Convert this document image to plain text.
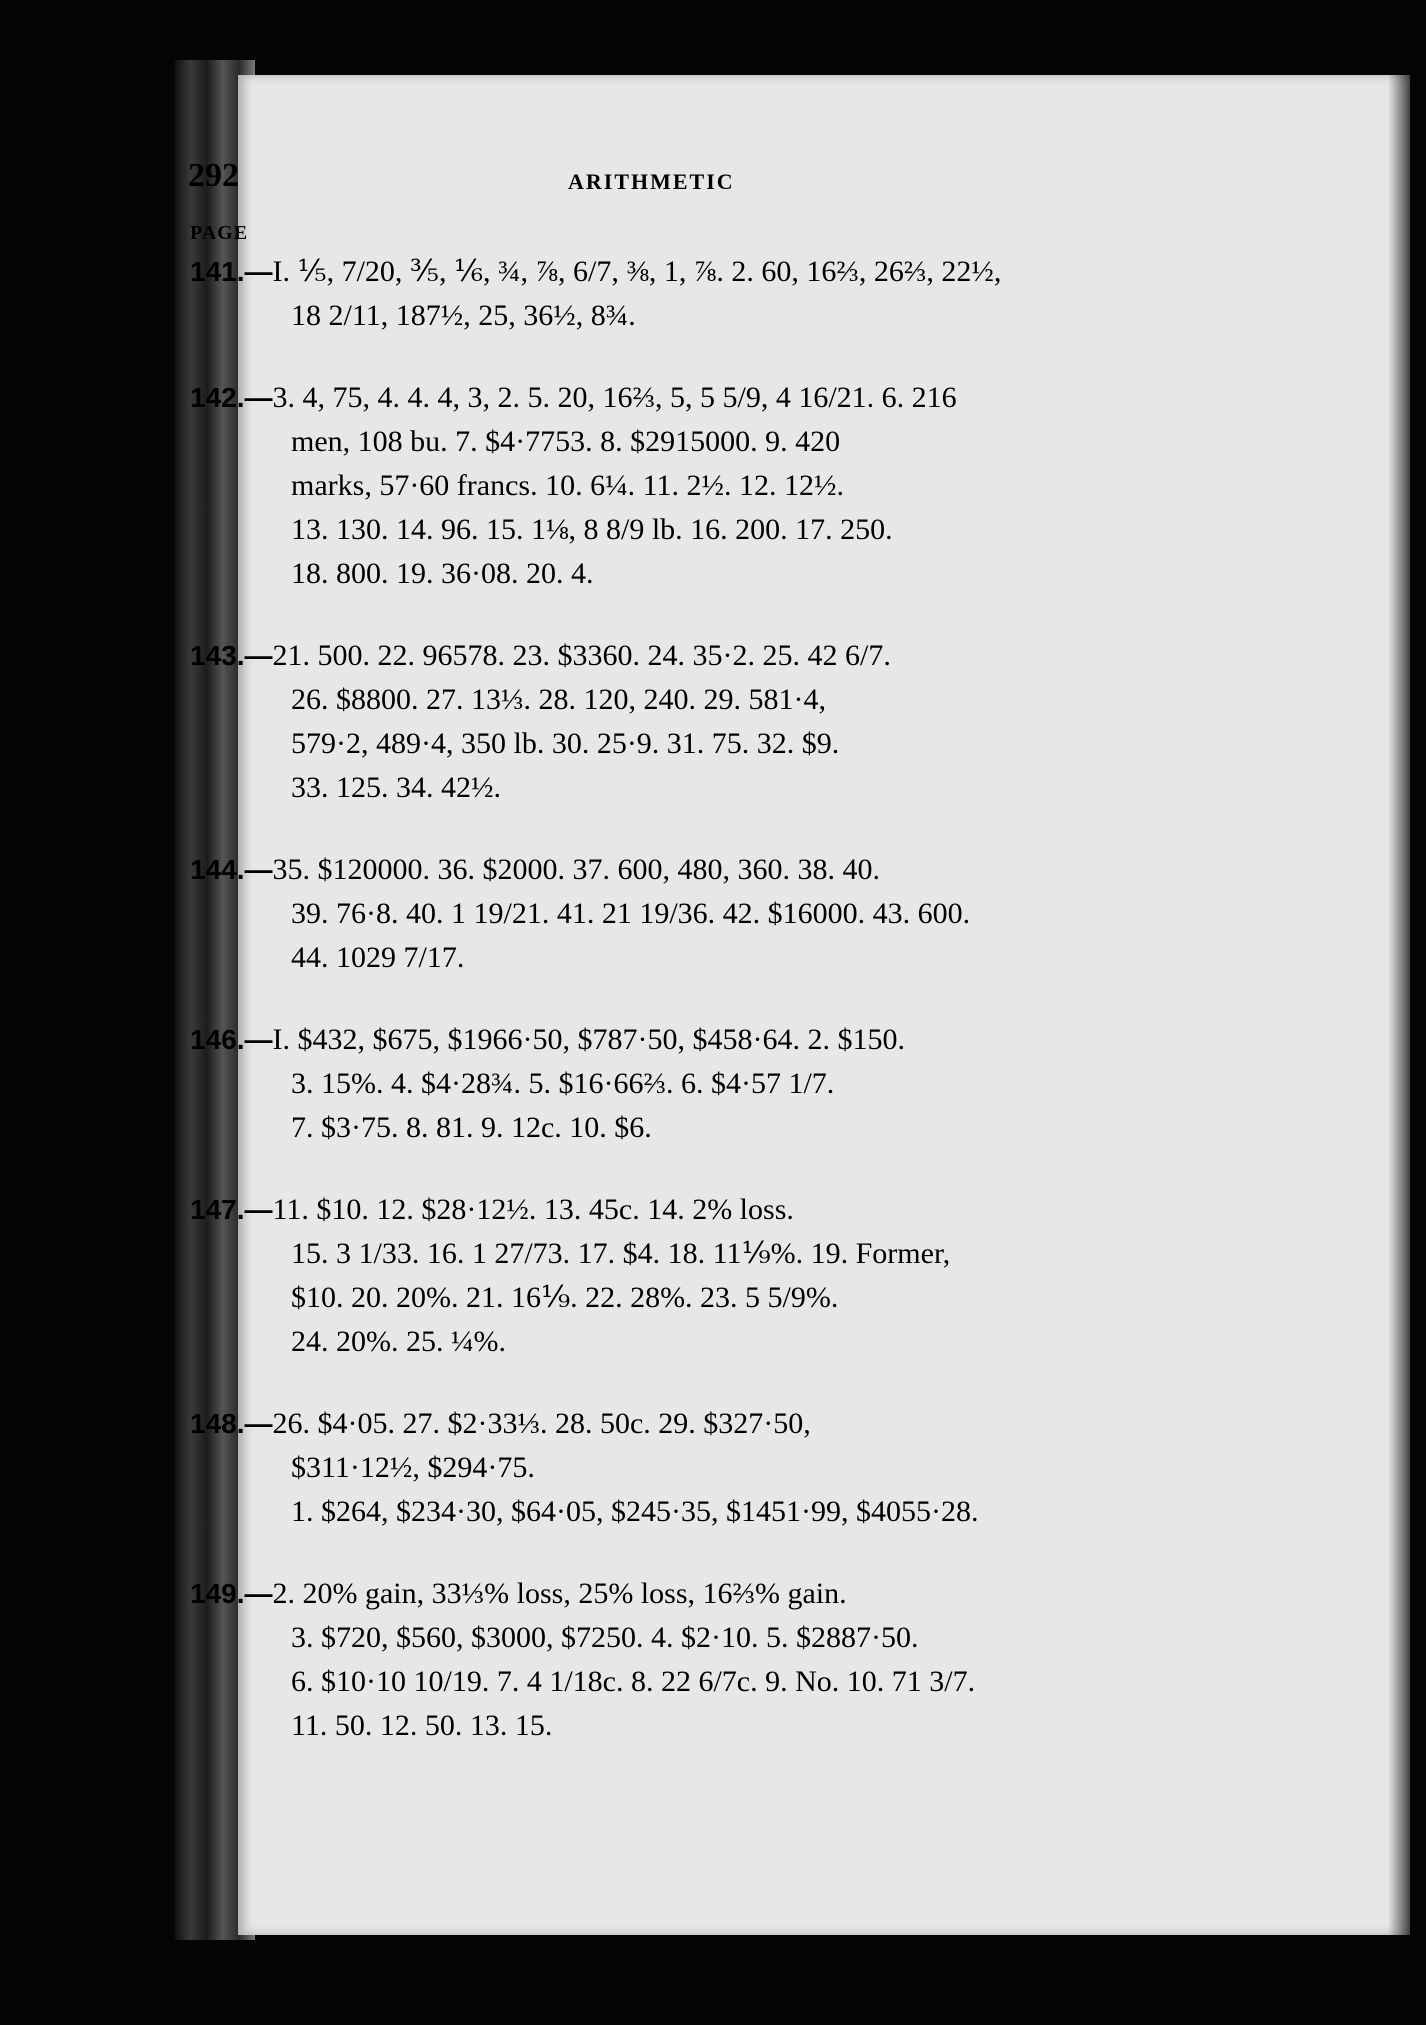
292	ARITHMETIC
PAGE
141.—I. ⅕, 7/20, ⅗, ⅙, ¾, ⅞, 6/7, ⅜, 1, ⅞. 2. 60, 16⅔, 26⅔, 22½,
18 2/11, 187½, 25, 36½, 8¾.
142.—3. 4, 75, 4. 4. 4, 3, 2. 5. 20, 16⅔, 5, 5 5/9, 4 16/21. 6. 216
men, 108 bu. 7. $4·7753. 8. $2915000. 9. 420
marks, 57·60 francs. 10. 6¼. 11. 2½. 12. 12½.
13. 130. 14. 96. 15. 1⅛, 8 8/9 lb. 16. 200. 17. 250.
18. 800. 19. 36·08. 20. 4.
143.—21. 500. 22. 96578. 23. $3360. 24. 35·2. 25. 42 6/7.
26. $8800. 27. 13⅓. 28. 120, 240. 29. 581·4,
579·2, 489·4, 350 lb. 30. 25·9. 31. 75. 32. $9.
33. 125. 34. 42½.
144.—35. $120000. 36. $2000. 37. 600, 480, 360. 38. 40.
39. 76·8. 40. 1 19/21. 41. 21 19/36. 42. $16000. 43. 600.
44. 1029 7/17.
146.—I. $432, $675, $1966·50, $787·50, $458·64. 2. $150.
3. 15%. 4. $4·28¾. 5. $16·66⅔. 6. $4·57 1/7.
7. $3·75. 8. 81. 9. 12c. 10. $6.
147.—11. $10. 12. $28·12½. 13. 45c. 14. 2% loss.
15. 3 1/33. 16. 1 27/73. 17. $4. 18. 11⅑%. 19. Former,
$10. 20. 20%. 21. 16⅑. 22. 28%. 23. 5 5/9%.
24. 20%. 25. ¼%.
148.—26. $4·05. 27. $2·33⅓. 28. 50c. 29. $327·50,
$311·12½, $294·75.
1. $264, $234·30, $64·05, $245·35, $1451·99, $4055·28.
149.—2. 20% gain, 33⅓% loss, 25% loss, 16⅔% gain.
3. $720, $560, $3000, $7250. 4. $2·10. 5. $2887·50.
6. $10·10 10/19. 7. 4 1/18c. 8. 22 6/7c. 9. No. 10. 71 3/7.
11. 50. 12. 50. 13. 15.
